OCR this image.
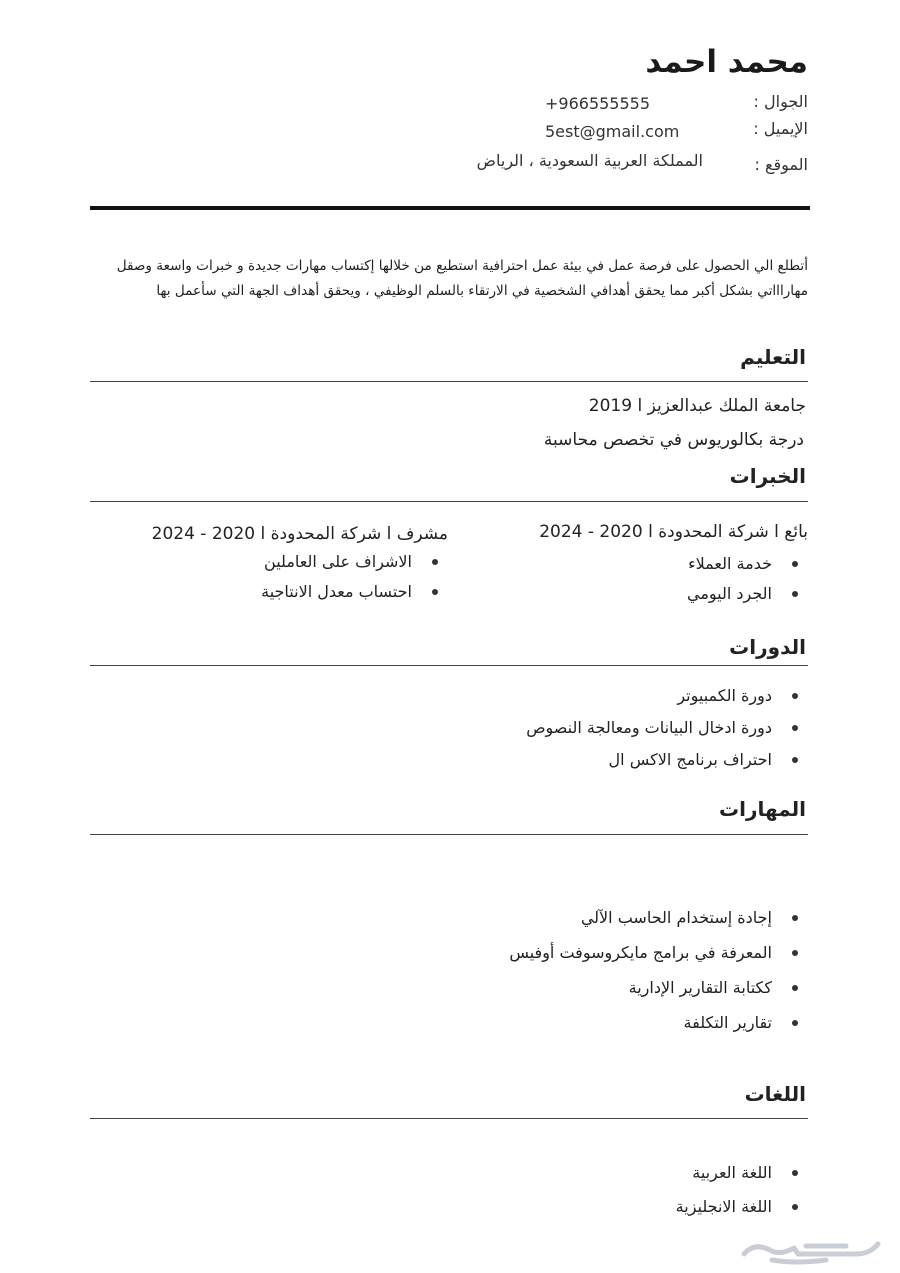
محمد احمد
الجوال :
+966555555
الإيميل :
5est@gmail.com
الموقع :
المملكة العربية السعودية ، الرياض
أتطلع الي الحصول على فرصة عمل في بيئة عمل احترافية استطيع من خلالها إكتساب مهارات جديدة و خبرات واسعة وصقل مهاراااتي بشكل أكبر مما يحقق أهدافي الشخصية في الارتقاء بالسلم الوظيفي ، ويحقق أهداف الجهة التي سأعمل بها
التعليم
جامعة الملك عبدالعزيز ا 2019
درجة بكالوريوس في تخصص محاسبة
الخبرات
بائع ا شركة المحدودة ا 2020 - 2024
خدمة العملاء
الجرد اليومي
مشرف ا شركة المحدودة ا 2020 - 2024
الاشراف على العاملين
احتساب معدل الانتاجية
الدورات
دورة الكمبيوتر
دورة ادخال البيانات ومعالجة النصوص
احتراف برنامج الاكس ال
المهارات
إجادة إستخدام الحاسب الآلي
المعرفة في برامج مايكروسوفت أوفيس
ككتابة التقارير الإدارية
تقارير التكلفة
اللغات
اللغة العربية
اللغة الانجليزية
